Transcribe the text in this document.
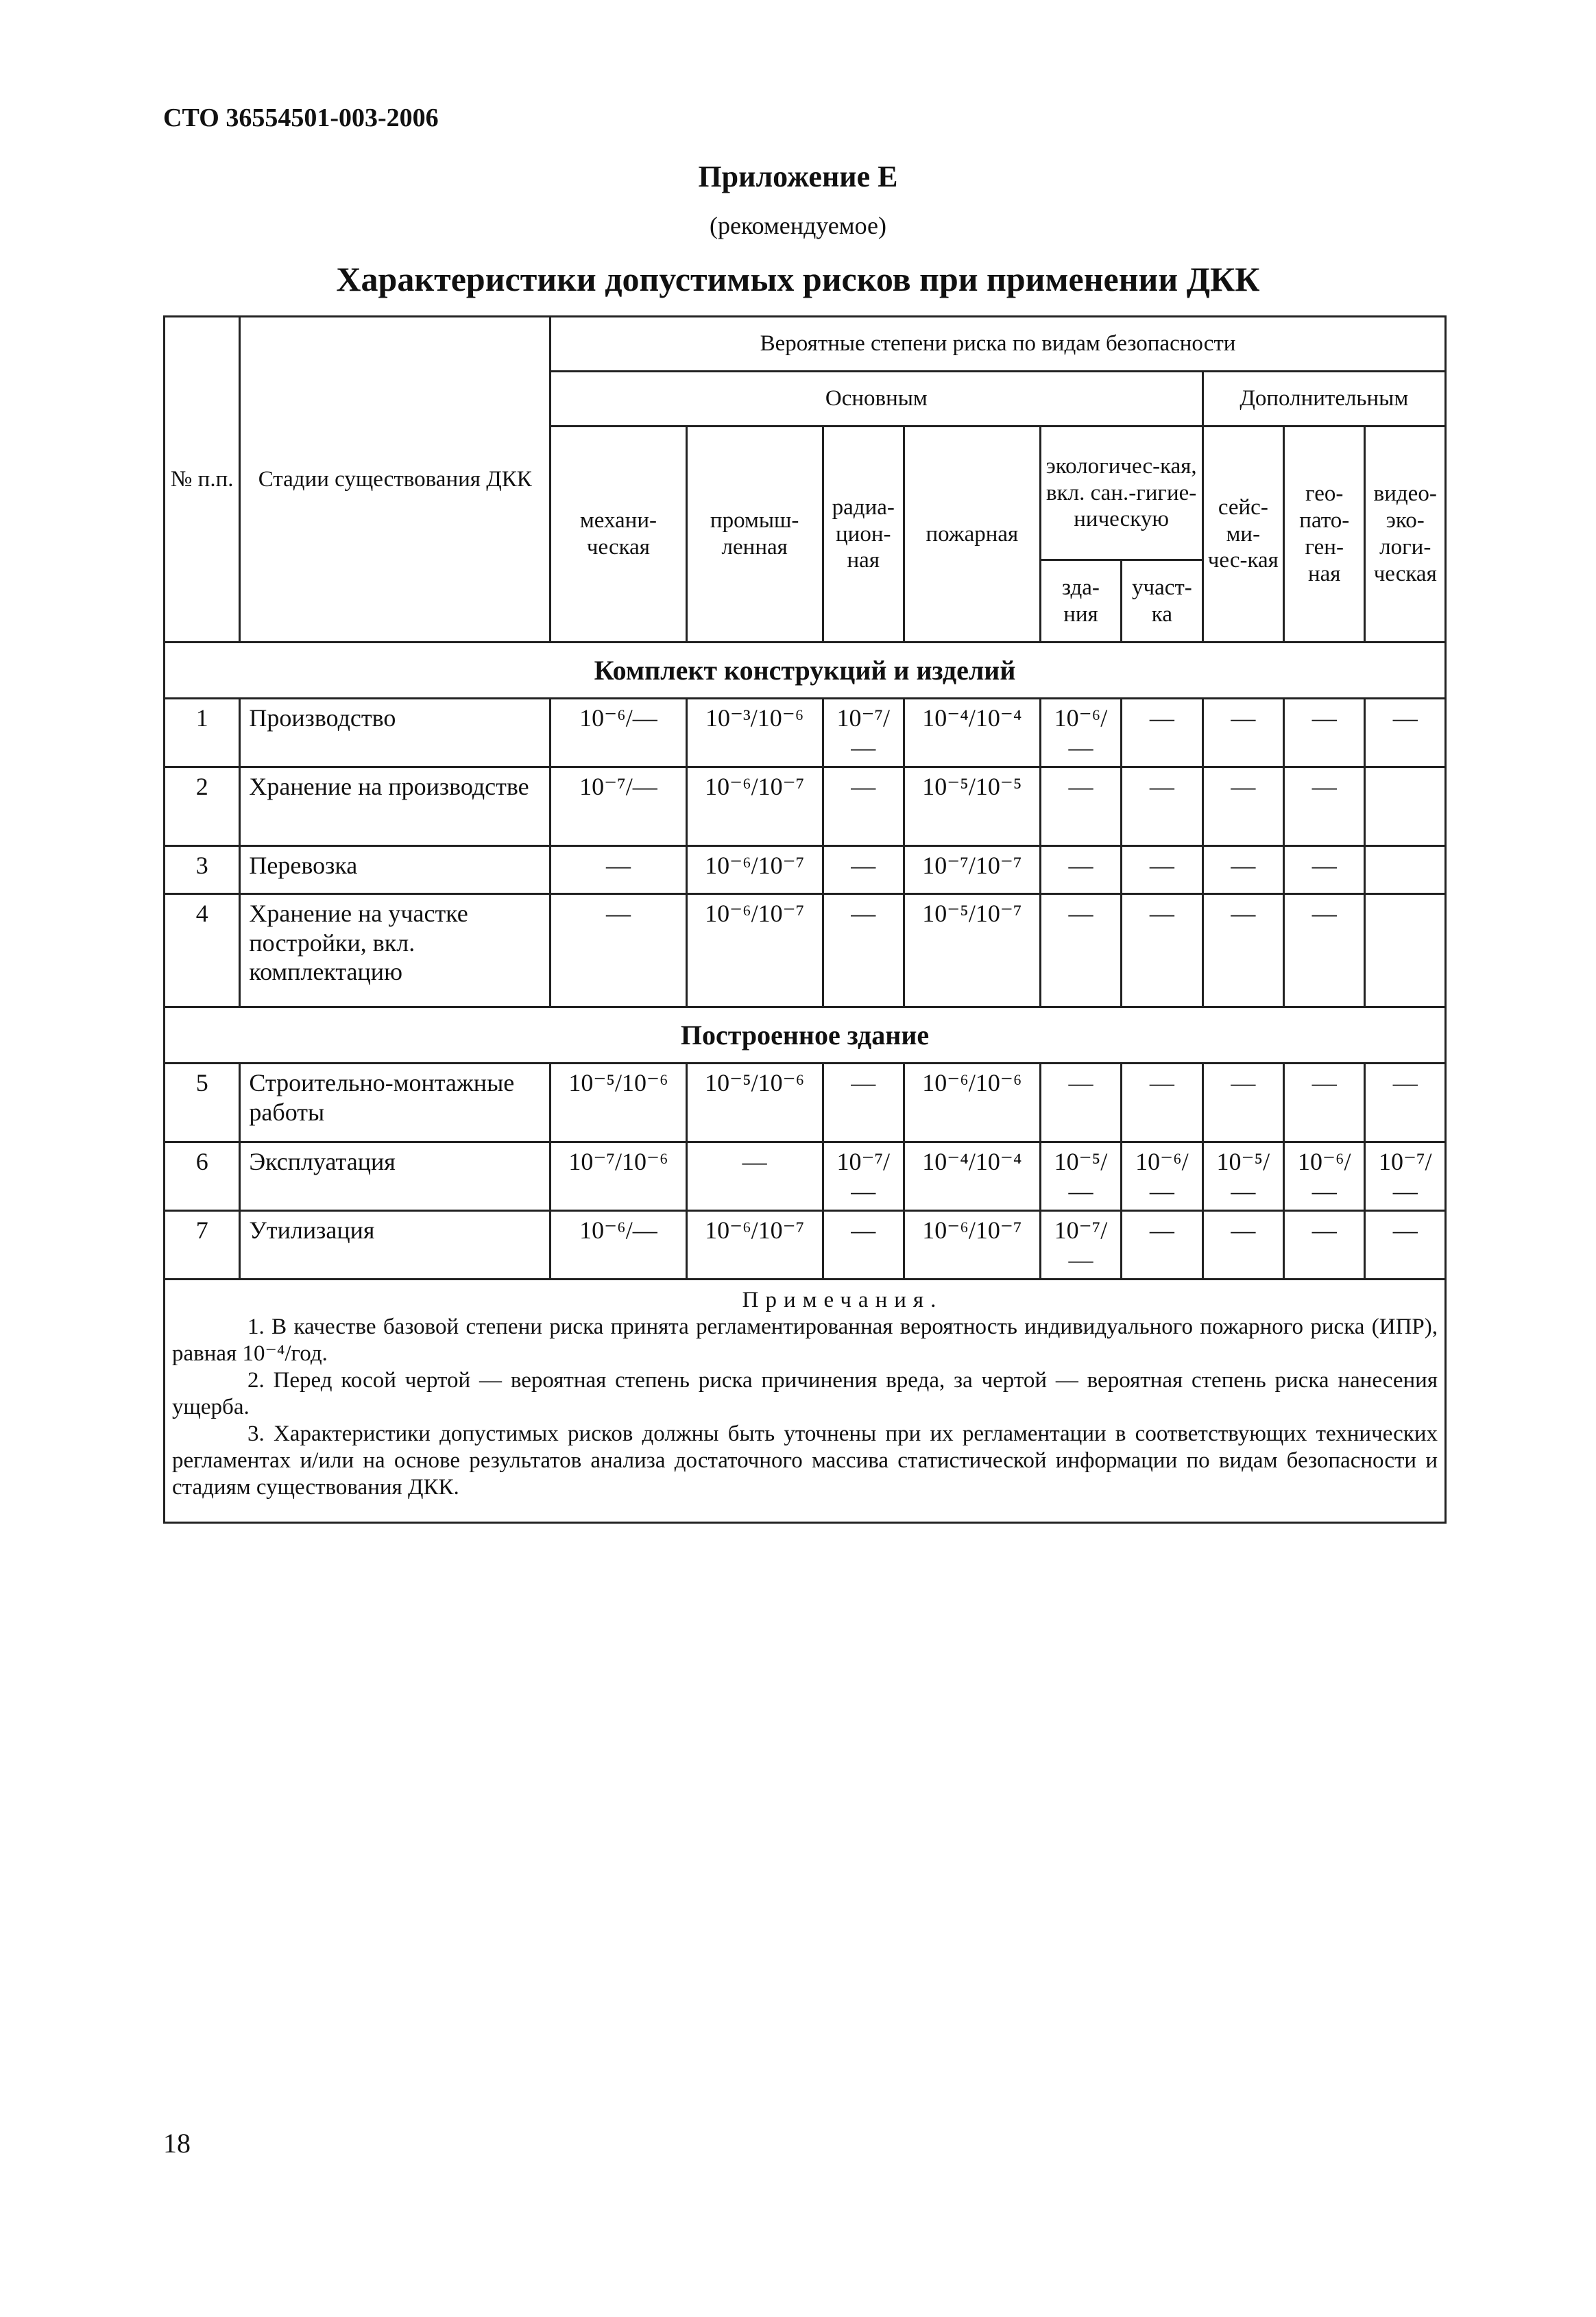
СТО 36554501-003-2006
Приложение Е
(рекомендуемое)
Характеристики допустимых рисков при применении ДКК
№ п.п.	Стадии существования ДКК	Вероятные степени риска по видам безопасности								
		Основным						Дополнительным		
		механи-ческая	промыш-ленная	радиа-цион-ная	пожарная	экологичес-кая, вкл. сан.-гигие-ническую		сейс-ми-чес-кая	гео-пато-ген-ная	видео-эко-логи-ческая
						зда-ния	участ-ка			
Комплект конструкций и изделий										
1	Производство	10⁻⁶/—	10⁻³/10⁻⁶	10⁻⁷/—	10⁻⁴/10⁻⁴	10⁻⁶/—	—	—	—	—
2	Хранение на производстве	10⁻⁷/—	10⁻⁶/10⁻⁷	—	10⁻⁵/10⁻⁵	—	—	—	—	
3	Перевозка	—	10⁻⁶/10⁻⁷	—	10⁻⁷/10⁻⁷	—	—	—	—	
4	Хранение на участке постройки, вкл. комплектацию	—	10⁻⁶/10⁻⁷	—	10⁻⁵/10⁻⁷	—	—	—	—	
Построенное здание										
5	Строительно-монтажные работы	10⁻⁵/10⁻⁶	10⁻⁵/10⁻⁶	—	10⁻⁶/10⁻⁶	—	—	—	—	—
6	Эксплуатация	10⁻⁷/10⁻⁶	—	10⁻⁷/—	10⁻⁴/10⁻⁴	10⁻⁵/—	10⁻⁶/—	10⁻⁵/—	10⁻⁶/—	10⁻⁷/—
7	Утилизация	10⁻⁶/—	10⁻⁶/10⁻⁷	—	10⁻⁶/10⁻⁷	10⁻⁷/—	—	—	—	—

Примечания.
1. В качестве базовой степени риска принята регламентированная вероятность индивидуального пожарного риска (ИПР), равная 10⁻⁴/год.
2. Перед косой чертой — вероятная степень риска причинения вреда, за чертой — вероятная степень риска нанесения ущерба.
3. Характеристики допустимых рисков должны быть уточнены при их регламентации в соответствующих технических регламентах и/или на основе результатов анализа достаточного массива статистической информации по видам безопасности и стадиям существования ДКК.										
18
